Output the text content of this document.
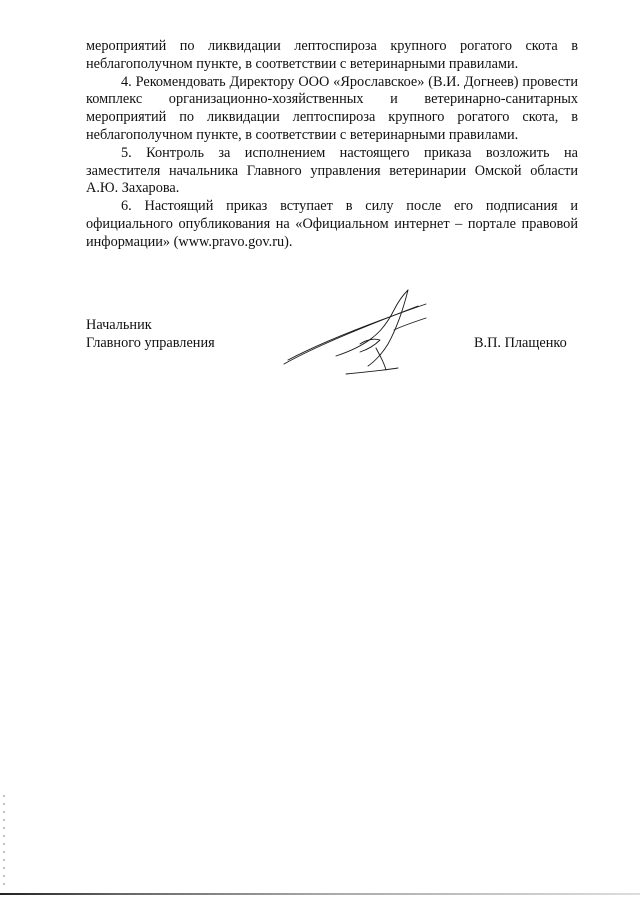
мероприятий по ликвидации лептоспироза крупного рогатого скота в неблагополучном пункте, в соответствии с ветеринарными правилами.

4. Рекомендовать Директору ООО «Ярославское» (В.И. Догнеев) провести комплекс организационно-хозяйственных и ветеринарно-санитарных мероприятий по ликвидации лептоспироза крупного рогатого скота, в неблагополучном пункте, в соответствии с ветеринарными правилами.

5. Контроль за исполнением настоящего приказа возложить на заместителя начальника Главного управления ветеринарии Омской области А.Ю. Захарова.

6. Настоящий приказ вступает в силу после его подписания и официального опубликования на «Официальном интернет – портале правовой информации» (www.pravo.gov.ru).

Начальник
Главного управления	В.П. Плащенко
